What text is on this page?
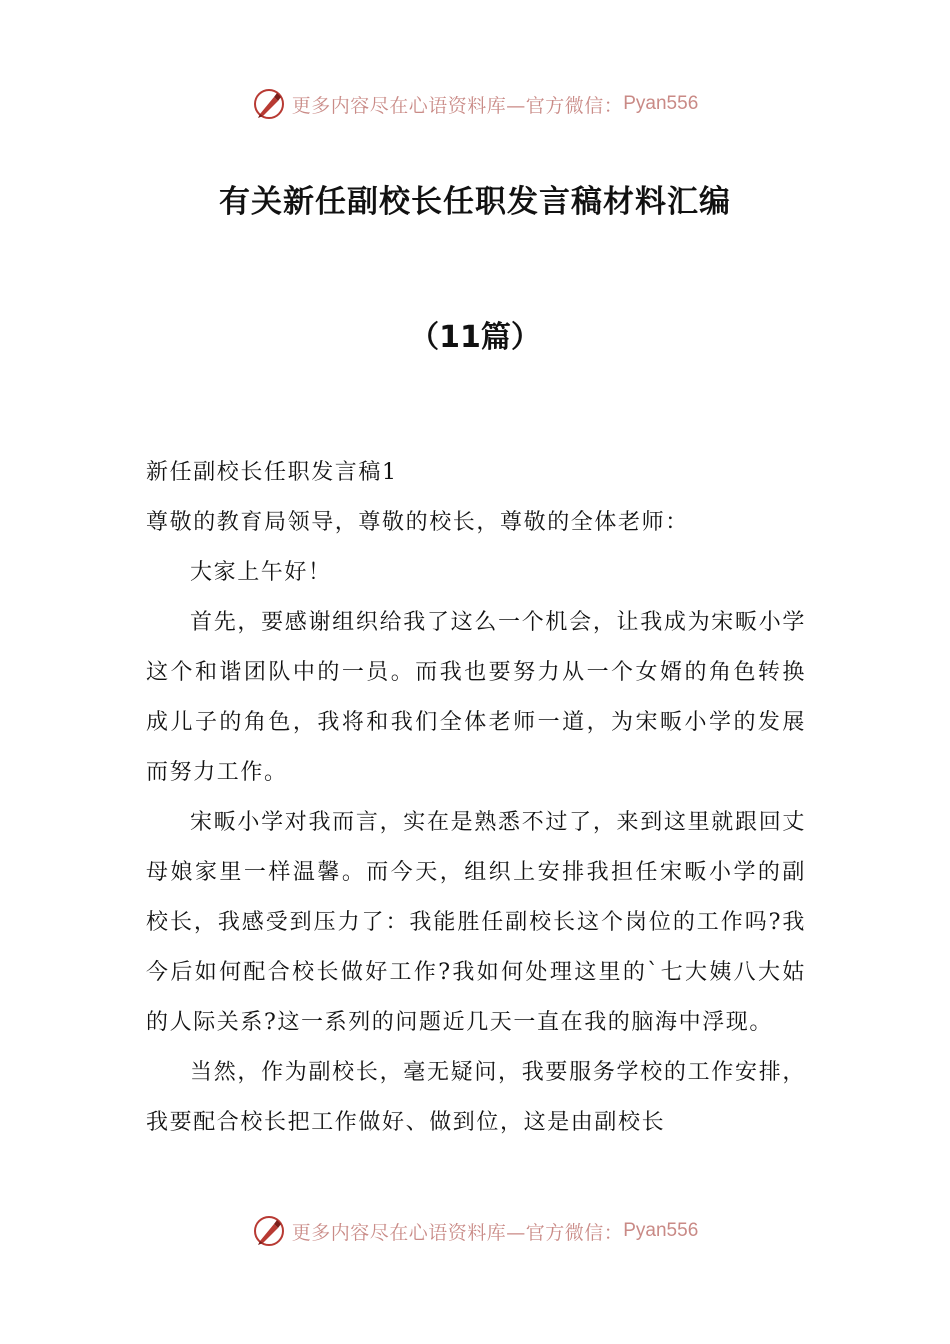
更多内容尽在心语资料库—官方微信： Pyan556
有关新任副校长任职发言稿材料汇编
（11篇）

新任副校长任职发言稿1

尊敬的教育局领导，尊敬的校长，尊敬的全体老师：

大家上午好！

首先，要感谢组织给我了这么一个机会，让我成为宋畈小学这个和谐团队中的一员。而我也要努力从一个女婿的角色转换成儿子的角色，我将和我们全体老师一道，为宋畈小学的发展而努力工作。

宋畈小学对我而言，实在是熟悉不过了，来到这里就跟回丈母娘家里一样温馨。而今天，组织上安排我担任宋畈小学的副校长，我感受到压力了：我能胜任副校长这个岗位的工作吗?我今后如何配合校长做好工作?我如何处理这里的`七大姨八大姑的人际关系?这一系列的问题近几天一直在我的脑海中浮现。

当然，作为副校长，毫无疑问，我要服务学校的工作安排，我要配合校长把工作做好、做到位，这是由副校长

更多内容尽在心语资料库—官方微信： Pyan556
